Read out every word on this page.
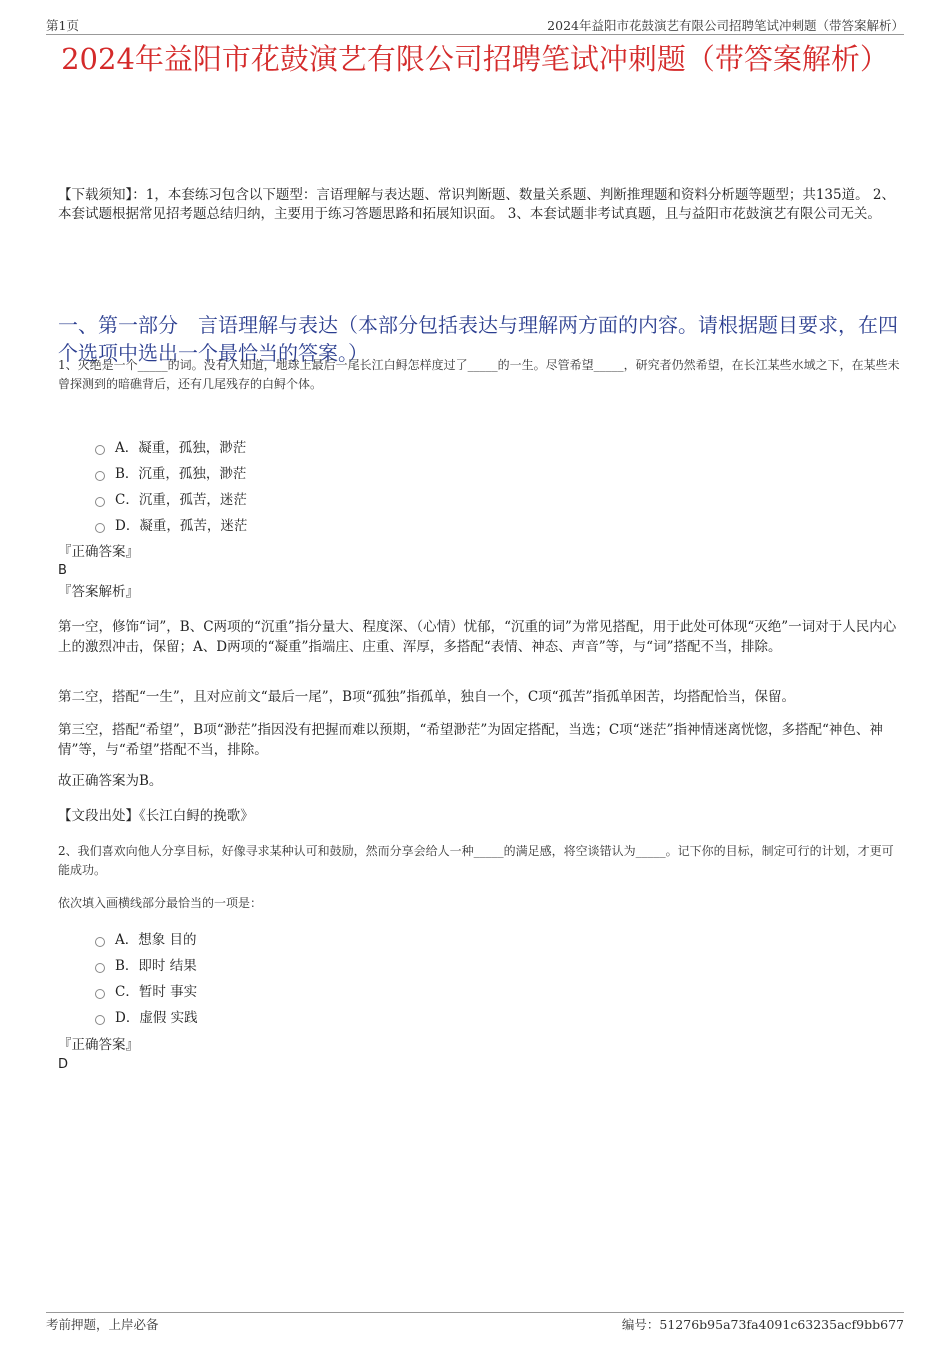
第1页	2024年益阳市花鼓演艺有限公司招聘笔试冲刺题（带答案解析）
2024年益阳市花鼓演艺有限公司招聘笔试冲刺题（带答案解析）
【下载须知】：1，本套练习包含以下题型：言语理解与表达题、常识判断题、数量关系题、判断推理题和资料分析题等题型；共135道。 2、本套试题根据常见招考题总结归纳，主要用于练习答题思路和拓展知识面。 3、本套试题非考试真题，且与益阳市花鼓演艺有限公司无关。
一、第一部分　言语理解与表达（本部分包括表达与理解两方面的内容。请根据题目要求，在四个选项中选出一个最恰当的答案。）
1、灭绝是一个_____的词。没有人知道，地球上最后一尾长江白鲟怎样度过了_____的一生。尽管希望_____，研究者仍然希望，在长江某些水域之下，在某些未曾探测到的暗礁背后，还有几尾残存的白鲟个体。
A．凝重，孤独，渺茫
B．沉重，孤独，渺茫
C．沉重，孤苦，迷茫
D．凝重，孤苦，迷茫
『正确答案』
B
『答案解析』
第一空，修饰“词”，B、C两项的“沉重”指分量大、程度深、（心情）忧郁，“沉重的词”为常见搭配，用于此处可体现“灭绝”一词对于人民内心上的激烈冲击，保留；A、D两项的“凝重”指端庄、庄重、浑厚，多搭配“表情、神态、声音”等，与“词”搭配不当，排除。
第二空，搭配“一生”，且对应前文“最后一尾”，B项“孤独”指孤单，独自一个，C项“孤苦”指孤单困苦，均搭配恰当，保留。
第三空，搭配“希望”，B项“渺茫”指因没有把握而难以预期，“希望渺茫”为固定搭配，当选；C项“迷茫”指神情迷离恍惚，多搭配“神色、神情”等，与“希望”搭配不当，排除。
故正确答案为B。
【文段出处】《长江白鲟的挽歌》
2、我们喜欢向他人分享目标，好像寻求某种认可和鼓励，然而分享会给人一种_____的满足感，将空谈错认为_____。记下你的目标，制定可行的计划，才更可能成功。
依次填入画横线部分最恰当的一项是：
A．想象 目的
B．即时 结果
C．暂时 事实
D．虚假 实践
『正确答案』
D
考前押题，上岸必备	编号：51276b95a73fa4091c63235acf9bb677
